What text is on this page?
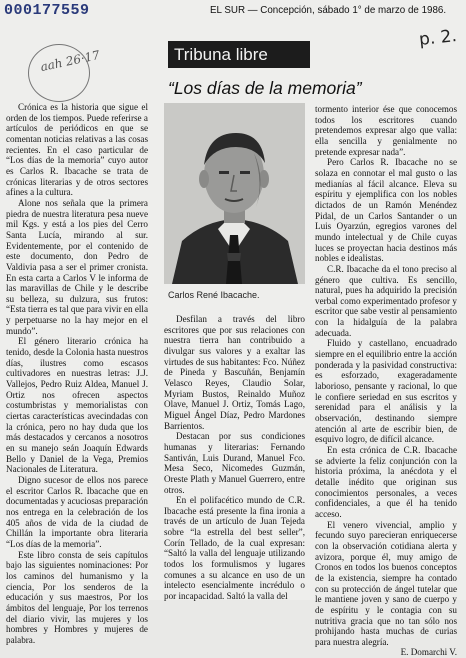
000177559	EL SUR — Concepción, sábado 1° de marzo de 1986.
p. 2.
aah 26·17	Tribuna libre
“Los días de la memoria”

Crónica es la historia que sigue el orden de los tiempos. Puede referirse a artículos de periódicos en que se comentan noticias relativas a las cosas recientes. En el caso particular de “Los días de la memoria” cuyo autor es Carlos R. Ibacache se trata de crónicas literarias y de otros sectores afines a la cultura.

Alone nos señala que la primera piedra de nuestra literatura pesa nueve mil Kgs. y está a los pies del Cerro Santa Lucía, mirando al sur. Evidentemente, por el contenido de este documento, don Pedro de Valdivia pasa a ser el primer cronista. En esta carta a Carlos V le informa de las maravillas de Chile y le describe su belleza, su dulzura, sus frutos: “Esta tierra es tal que para vivir en ella y perpetuarse no la hay mejor en el mundo”.

El género literario crónica ha tenido, desde la Colonia hasta nuestros días, ilustres como escasos cultivadores en nuestras letras: J.J. Vallejos, Pedro Ruiz Aldea, Manuel J. Ortiz nos ofrecen aspectos costumbristas y memorialistas con ciertas características avecindadas con la crónica, pero no hay duda que los más destacados y cercanos a nosotros en su manejo seán Joaquín Edwards Bello y Daniel de la Vega, Premios Nacionales de Literatura.

Digno sucesor de ellos nos parece el escritor Carlos R. Ibacache que en documentadas y acuciosas preparación nos entrega en la celebración de los 405 años de vida de la ciudad de Chillán la importante obra literaria “Los días de la memoria”.

Este libro consta de seis capítulos bajo las siguientes nominaciones: Por los caminos del humanismo y la ciencia, Por los senderos de la educación y sus maestros, Por los ámbitos del lenguaje, Por los terrenos del diario vivir, las mujeres y los hombres y Hombres y mujeres de palabra.

Carlos René Ibacache.

Desfilan a través del libro escritores que por sus relaciones con nuestra tierra han contribuido a divulgar sus valores y a exaltar las virtudes de sus habitantes: Fco. Núñez de Pineda y Bascuñán, Benjamín Velasco Reyes, Claudio Solar, Myriam Bustos, Reinaldo Muñoz Olave, Manuel J. Ortiz, Tomás Lago, Miguel Ángel Díaz, Pedro Mardones Barrientos.

Destacan por sus condiciones humanas y literarias: Fernando Santiván, Luis Durand, Manuel Fco. Mesa Seco, Nicomedes Guzmán, Oreste Plath y Manuel Guerrero, entre otros.

En el polifacético mundo de C.R. Ibacache está presente la fina ironia a través de un artículo de Juan Tejeda sobre “la estrella del best seller”, Corín Tellado, de la cual expresan: “Saltó la valla del lenguaje utilizando todos los formulismos y lugares comunes a su alcance en uso de un intelecto esencialmente incrédulo o por incapacidad. Saltó la valla del

tormento interior ése que conocemos todos los escritores cuando pretendemos expresar algo que valla: ella sencilla y genialmente no pretende expresar nada”.

Pero Carlos R. Ibacache no se solaza en connotar el mal gusto o las medianías al fácil alcance. Eleva su espíritu y ejemplifica con los nobles dictados de un Ramón Menéndez Pidal, de un Carlos Santander o un Luis Oyarzún, egregios varones del mundo intelectual y de Chile cuyas luces se proyectan hacia destinos más nobles e idealistas.

C.R. Ibacache da el tono preciso al género que cultiva. Es sencillo, natural, pues ha adquirido la precisión verbal como experimentado profesor y escritor que sabe vestir al pensamiento con la hidalguía de la palabra adecuada.

Fluido y castellano, encuadrado siempre en el equilibrio entre la acción ponderada y la pasividad constructiva: es esforzado, exageradamente laborioso, pensante y racional, lo que le confiere seriedad en sus escritos y serenidad para el análisis y la observación, destinando siempre atención al arte de escribir bien, de esquivo logro, de difícil alcance.

En esta crónica de C.R. Ibacache se advierte la feliz conjunción con la historia próxima, la anécdota y el detalle inédito que originan sus conocimientos personales, a veces confidenciales, a que él ha tenido acceso.

El venero vivencial, amplio y fecundo suyo parecieran enriquecerse con la observación cotidiana alerta y avizora, porque él, muy amigo de Cronos en todos los buenos conceptos de la existencia, siempre ha contado con su protección de ángel tutelar que le mantiene joven y sano de cuerpo y de espíritu y le contagia con su nutritiva gracia que no tan sólo nos prohijando hasta muchas de curias para nuestra alegría.

E. Domarchi V.
